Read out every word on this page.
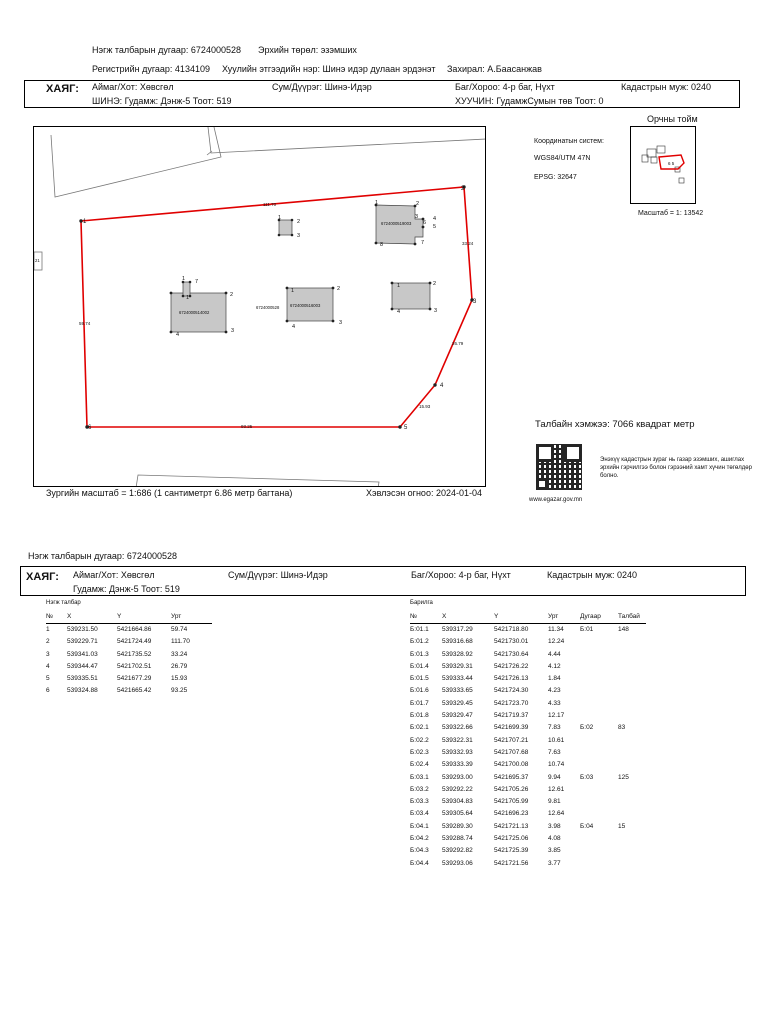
Нэгж талбарын дугаар: 6724000528 Эрхийн төрөл: эзэмших
Регистрийн дугаар: 4134109 Хуулийн этгээдийн нэр: Шинэ идэр дулаан эрдэнэт Захирал: А.Баасанжав
ХАЯГ: Аймаг/Хот: Хөвсгөл	Сум/Дүүрэг: Шинэ-Идэр	Баг/Хороо: 4-р баг, Нүхт	Кадастрын муж: 0240
ШИНЭ: Гудамж: Дэнж-5 Тоот: 519	ХУУЧИН: ГудамжСумын төв Тоот: 0
1
2
3
4
5
6
111.70
33.24
26.79
15.93
93.25
59.74
6724000514002
6724000516003
6724000519003
6724000528
21
1	2
3	4
5
6
7
8
1
2
3
1 7
1	2
3
4
1	2
3
4
1	2
3
4
Зургийн масштаб = 1:686 (1 сантиметрт 6.86 метр багтана)	Хэвлэсэн огноо: 2024-01-04
Орчны тойм
6 5
Масштаб = 1: 13542
Координатын систем:
WGS84/UTM 47N
EPSG: 32647
Талбайн хэмжээ: 7066 квадрат метр
Энэхүү кадастрын зураг нь газар эзэмших, ашиглах эрхийн гэрчилгээ болон гэрээний хамт хүчин төгөлдөр болно.
www.egazar.gov.mn
Нэгж талбарын дугаар: 6724000528
ХАЯГ: Аймаг/Хот: Хөвсгөл	Сум/Дүүрэг: Шинэ-Идэр	Баг/Хороо: 4-р баг, Нүхт	Кадастрын муж: 0240
Гудамж: Дэнж-5 Тоот: 519
Нэгж талбар
№	X	Y	Урт
1	539231.50	5421664.86	59.74
2	539229.71	5421724.49	111.70
3	539341.03	5421735.52	33.24
4	539344.47	5421702.51	26.79
5	539335.51	5421677.29	15.93
6	539324.88	5421665.42	93.25
Барилга
№	X	Y	Урт	Дугаар	Талбай
Б:01.1	539317.29	5421718.80	11.34	Б:01	148
Б:01.2	539316.68	5421730.01	12.24		
Б:01.3	539328.92	5421730.64	4.44		
Б:01.4	539329.31	5421726.22	4.12		
Б:01.5	539333.44	5421726.13	1.84		
Б:01.6	539333.65	5421724.30	4.23		
Б:01.7	539329.45	5421723.70	4.33		
Б:01.8	539329.47	5421719.37	12.17		
Б:02.1	539322.66	5421699.39	7.83	Б:02	83
Б:02.2	539322.31	5421707.21	10.61		
Б:02.3	539332.93	5421707.68	7.63		
Б:02.4	539333.39	5421700.08	10.74		
Б:03.1	539293.00	5421695.37	9.94	Б:03	125
Б:03.2	539292.22	5421705.26	12.61		
Б:03.3	539304.83	5421705.99	9.81		
Б:03.4	539305.64	5421696.23	12.64		
Б:04.1	539289.30	5421721.13	3.98	Б:04	15
Б:04.2	539288.74	5421725.06	4.08		
Б:04.3	539292.82	5421725.39	3.85		
Б:04.4	539293.06	5421721.56	3.77		
